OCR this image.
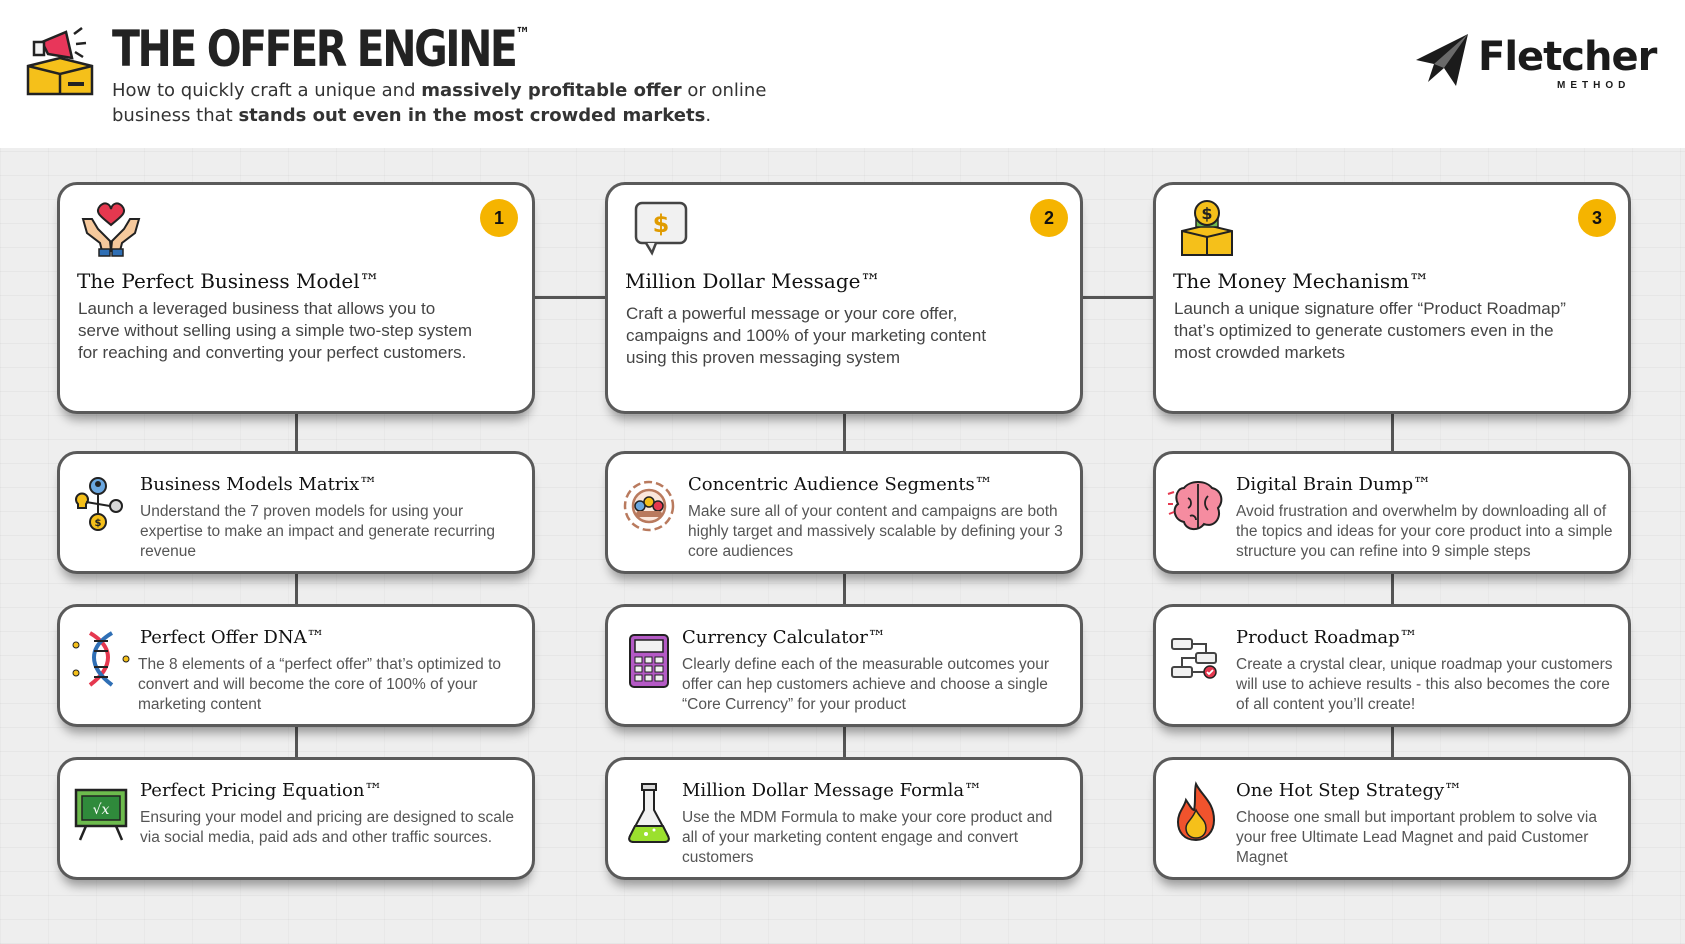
THE OFFER ENGINE™
How to quickly craft a unique and massively profitable offer or online business that stands out even in the most crowded markets.
Fletcher
METHOD
1
The Perfect Business Model™
Launch a leveraged business that allows you to serve without selling using a simple two-step system for reaching and converting your perfect customers.
$	2
Million Dollar Message™
Craft a powerful message or your core offer, campaigns and 100% of your marketing content using this proven messaging system
$	3
The Money Mechanism™
Launch a unique signature offer “Product Roadmap” that’s optimized to generate customers even in the most crowded markets
$
Business Models Matrix™
Understand the 7 proven models for using your expertise to make an impact and generate recurring revenue
Concentric Audience Segments™
Make sure all of your content and campaigns are both highly target and massively scalable by defining your 3 core audiences
Digital Brain Dump™
Avoid frustration and overwhelm by downloading all of the topics and ideas for your core product into a simple structure you can refine into 9 simple steps
Perfect Offer DNA™
The 8 elements of a “perfect offer” that’s optimized to convert and will become the core of 100% of your marketing content
Currency Calculator™
Clearly define each of the measurable outcomes your offer can hep customers achieve and choose a single “Core Currency” for your product
Product Roadmap™
Create a crystal clear, unique roadmap your customers will use to achieve results - this also becomes the core of all content you’ll create!
√x
Perfect Pricing Equation™
Ensuring your model and pricing are designed to scale via social media, paid ads and other traffic sources.
Million Dollar Message Formla™
Use the MDM Formula to make your core product and all of your marketing content engage and convert customers
One Hot Step Strategy™
Choose one small but important problem to solve via your free Ultimate Lead Magnet and paid Customer Magnet
